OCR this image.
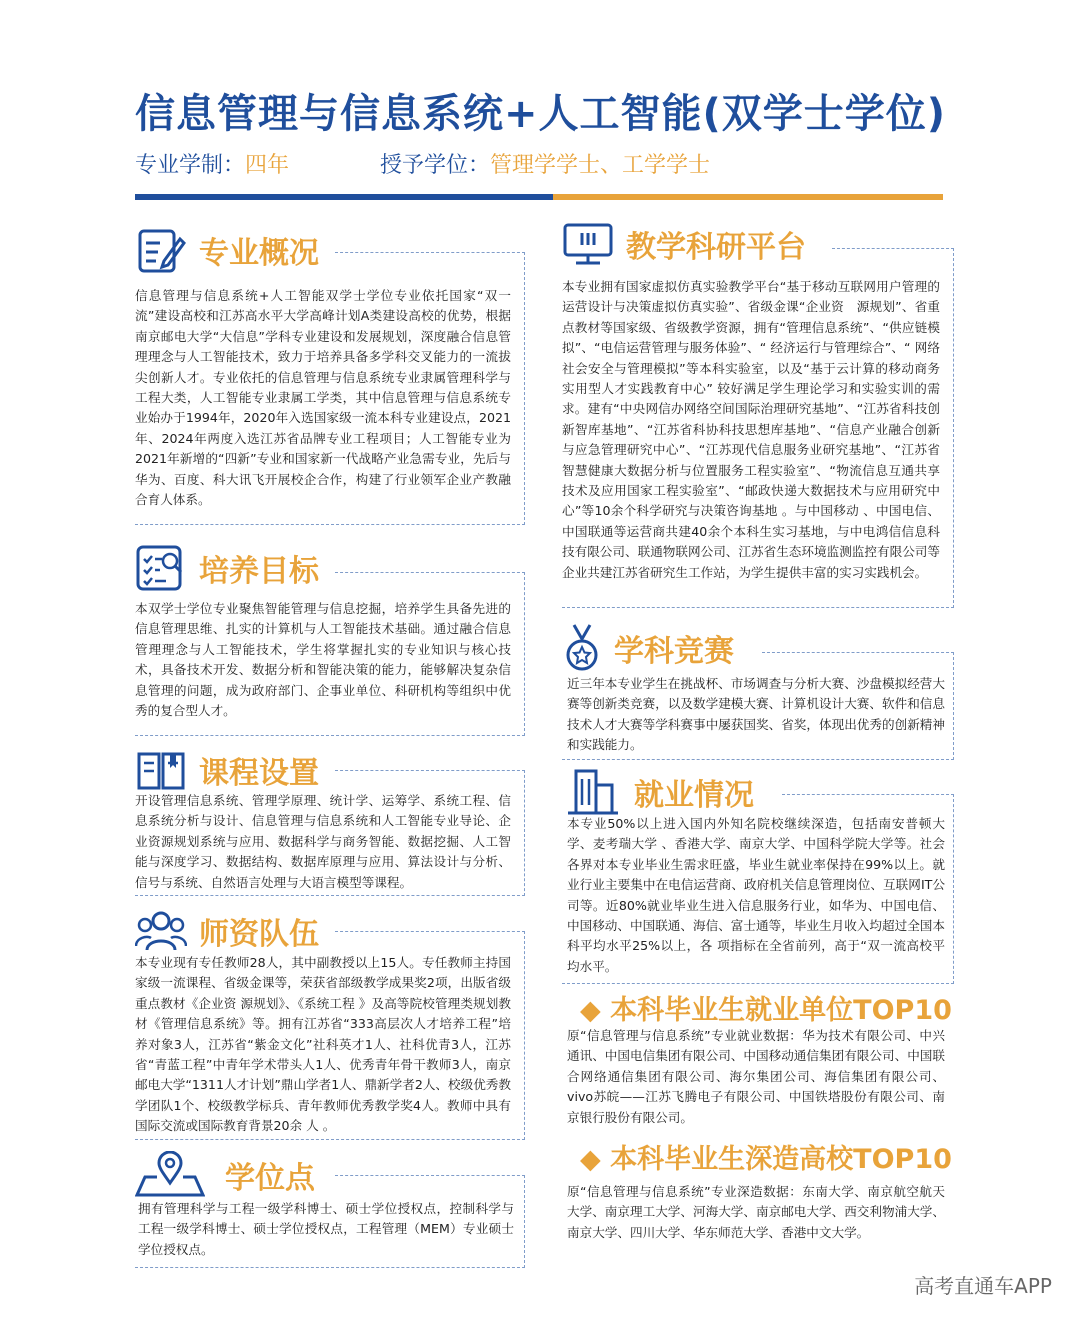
信息管理与信息系统+人工智能(双学士学位)
专业学制：四年	授予学位：管理学学士、工学学士
专业概况
信息管理与信息系统+人工智能双学士学位专业依托国家“双一流”建设高校和江苏高水平大学高峰计划A类建设高校的优势，根据南京邮电大学“大信息”学科专业建设和发展规划，深度融合信息管理理念与人工智能技术，致力于培养具备多学科交叉能力的一流拔尖创新人才。专业依托的信息管理与信息系统专业隶属管理科学与工程大类，人工智能专业隶属工学类，其中信息管理与信息系统专业始办于1994年，2020年入选国家级一流本科专业建设点，2021年、2024年两度入选江苏省品牌专业工程项目；人工智能专业为2021年新增的“四新”专业和国家新一代战略产业急需专业，先后与华为、百度、科大讯飞开展校企合作，构建了行业领军企业产教融合育人体系。
培养目标
本双学士学位专业聚焦智能管理与信息挖掘，培养学生具备先进的信息管理思维、扎实的计算机与人工智能技术基础。通过融合信息管理理念与人工智能技术，学生将掌握扎实的专业知识与核心技术，具备技术开发、数据分析和智能决策的能力，能够解决复杂信息管理的问题，成为政府部门、企事业单位、科研机构等组织中优秀的复合型人才。
课程设置
开设管理信息系统、管理学原理、统计学、运筹学、系统工程、信息系统分析与设计、信息管理与信息系统和人工智能专业导论、企业资源规划系统与应用、数据科学与商务智能、数据挖掘、人工智能与深度学习、数据结构、数据库原理与应用、算法设计与分析、信号与系统、自然语言处理与大语言模型等课程。
师资队伍
本专业现有专任教师28人，其中副教授以上15人。专任教师主持国家级一流课程、省级金课等，荣获省部级教学成果奖2项，出版省级重点教材《企业资 源规划》、《系统工程 》及高等院校管理类规划教 材《管理信息系统》等。拥有江苏省“333高层次人才培养工程”培养对象3人，江苏省“紫金文化”社科英才1人、社科优青3人，江苏省“青蓝工程”中青年学术带头人1人、优秀青年骨干教师3人，南京邮电大学“1311人才计划”鼎山学者1人、鼎新学者2人、校级优秀教学团队1个、校级教学标兵、青年教师优秀教学奖4人。教师中具有国际交流或国际教育背景20余 人 。
学位点
拥有管理科学与工程一级学科博士、硕士学位授权点，控制科学与工程一级学科博士、硕士学位授权点，工程管理（MEM）专业硕士学位授权点。
教学科研平台
本专业拥有国家虚拟仿真实验教学平台“基于移动互联网用户管理的运营设计与决策虚拟仿真实验”、省级金课“企业资　源规划”、省重点教材等国家级、省级教学资源，拥有“管理信息系统”、“供应链模拟”、“电信运营管理与服务体验”、“ 经济运行与管理综合”、“ 网络社会安全与管理模拟”等本科实验室，以及“基于云计算的移动商务实用型人才实践教育中心” 较好满足学生理论学习和实验实训的需求。建有“中央网信办网络空间国际治理研究基地”、“江苏省科技创新智库基地”、“江苏省科协科技思想库基地”、“信息产业融合创新与应急管理研究中心”、“江苏现代信息服务业研究基地”、“江苏省智慧健康大数据分析与位置服务工程实验室”、“物流信息互通共享技术及应用国家工程实验室”、“邮政快递大数据技术与应用研究中心”等10余个科学研究与决策咨询基地 。与中国移动 、中国电信、中国联通等运营商共建40余个本科生实习基地，与中电鸿信信息科技有限公司、联通物联网公司、江苏省生态环境监测监控有限公司等企业共建江苏省研究生工作站，为学生提供丰富的实习实践机会。
学科竞赛
近三年本专业学生在挑战杯、市场调查与分析大赛、沙盘模拟经营大赛等创新类竞赛，以及数学建模大赛、计算机设计大赛、软件和信息技术人才大赛等学科赛事中屡获国奖、省奖，体现出优秀的创新精神和实践能力。
就业情况
本专业50%以上进入国内外知名院校继续深造，包括南安普顿大学、麦考瑞大学 、香港大学、南京大学、中国科学院大学等。社会各界对本专业毕业生需求旺盛，毕业生就业率保持在99%以上。就业行业主要集中在电信运营商、政府机关信息管理岗位、互联网IT公司等。近80%就业毕业生进入信息服务行业，如华为、中国电信、中国移动、中国联通、海信、富士通等，毕业生月收入均超过全国本科平均水平25%以上，各 项指标在全省前列，高于“双一流高校平均水平。
◆ 本科毕业生就业单位TOP10
原“信息管理与信息系统”专业就业数据：华为技术有限公司、中兴通讯、中国电信集团有限公司、中国移动通信集团有限公司、中国联合网络通信集团有限公司、海尔集团公司、海信集团有限公司、vivo苏皖——江苏飞腾电子有限公司、中国铁塔股份有限公司、南京银行股份有限公司。
◆ 本科毕业生深造高校TOP10
原“信息管理与信息系统”专业深造数据：东南大学、南京航空航天大学、南京理工大学、河海大学、南京邮电大学、西交利物浦大学、南京大学、四川大学、华东师范大学、香港中文大学。
高考直通车APP
